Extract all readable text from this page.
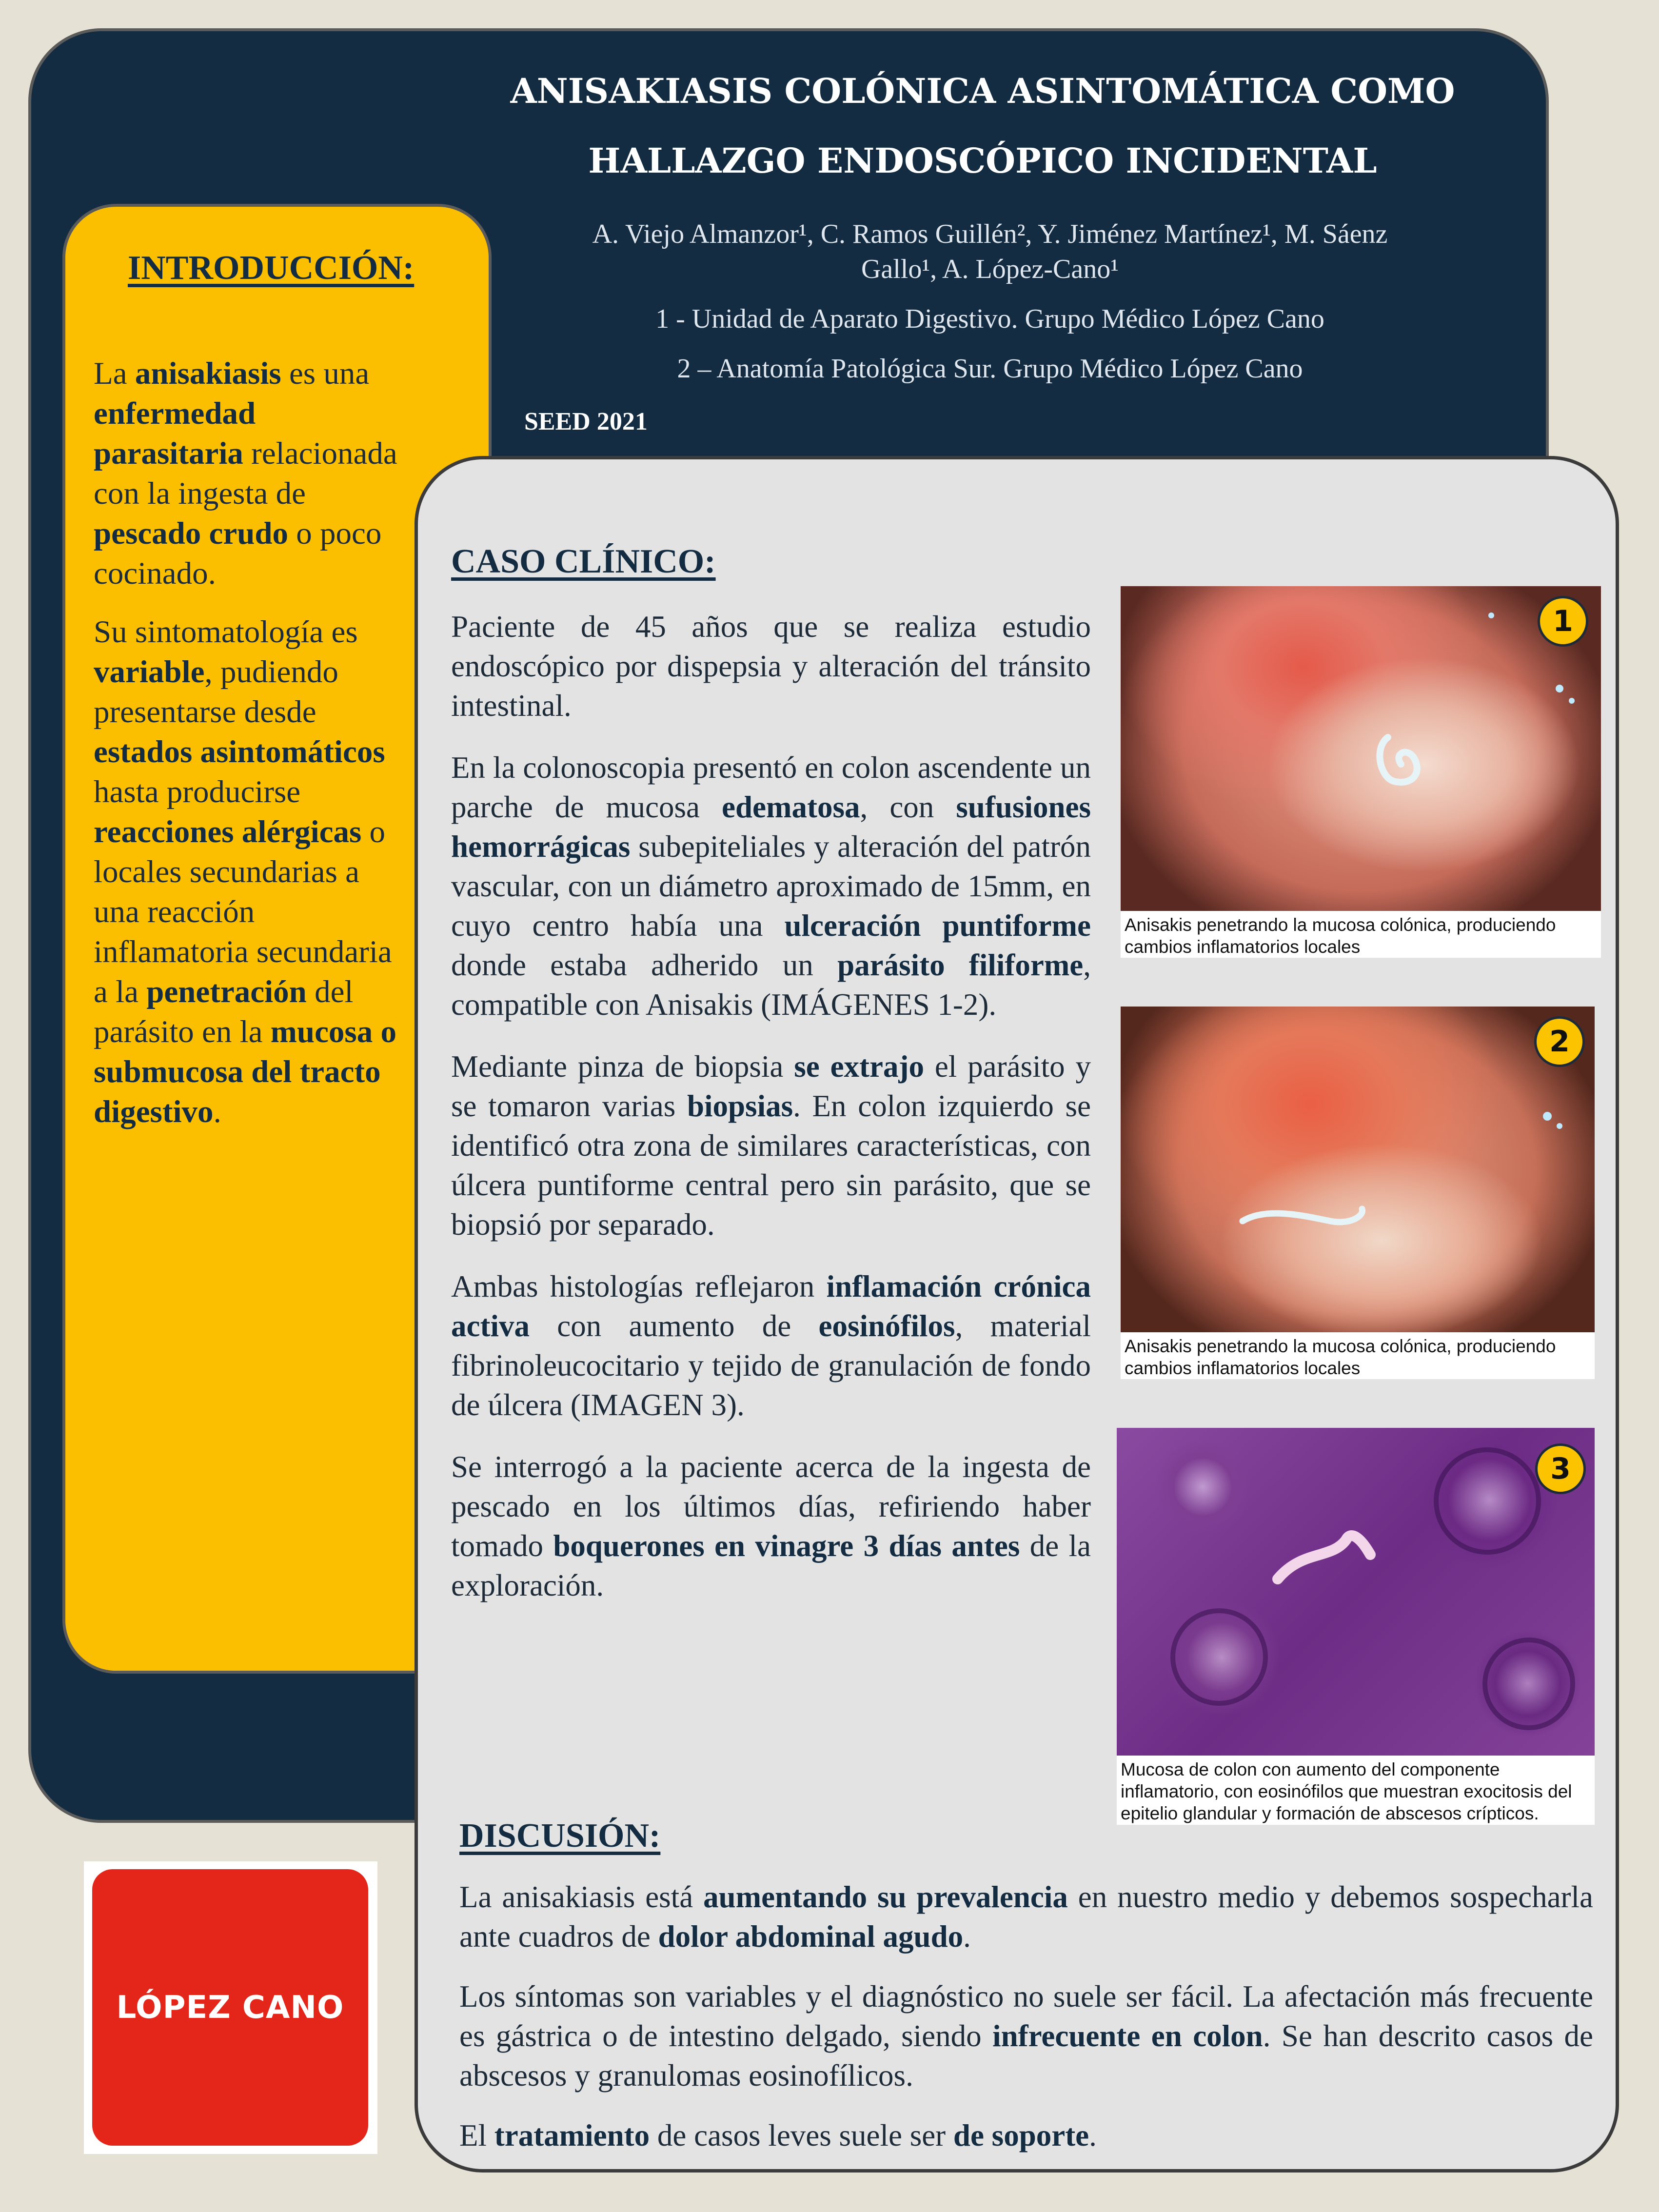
ANISAKIASIS COLÓNICA ASINTOMÁTICA COMO
HALLAZGO ENDOSCÓPICO INCIDENTAL
A. Viejo Almanzor¹, C. Ramos Guillén², Y. Jiménez Martínez¹, M. Sáenz
Gallo¹, A. López-Cano¹
1 - Unidad de Aparato Digestivo. Grupo Médico López Cano
2 – Anatomía Patológica Sur. Grupo Médico López Cano
SEED 2021
INTRODUCCIÓN:

La anisakiasis es una enfermedad parasitaria relacionada con la ingesta de pescado crudo o poco cocinado.

Su sintomatología es variable, pudiendo presentarse desde estados asintomáticos hasta producirse reacciones alérgicas o locales secundarias a una reacción inflamatoria secundaria a la penetración del parásito en la mucosa o submucosa del tracto digestivo.

CASO CLÍNICO:

Paciente de 45 años que se realiza estudio endoscópico por dispepsia y alteración del tránsito intestinal.

En la colonoscopia presentó en colon ascendente un parche de mucosa edematosa, con sufusiones hemorrágicas subepiteliales y alteración del patrón vascular, con un diámetro aproximado de 15mm, en cuyo centro había una ulceración puntiforme donde estaba adherido un parásito filiforme, compatible con Anisakis (IMÁGENES 1-2).

Mediante pinza de biopsia se extrajo el parásito y se tomaron varias biopsias. En colon izquierdo se identificó otra zona de similares características, con úlcera puntiforme central pero sin parásito, que se biopsió por separado.

Ambas histologías reflejaron inflamación crónica activa con aumento de eosinófilos, material fibrinoleucocitario y tejido de granulación de fondo de úlcera (IMAGEN 3).

Se interrogó a la paciente acerca de la ingesta de pescado en los últimos días, refiriendo haber tomado boquerones en vinagre 3 días antes de la exploración.

1
Anisakis penetrando la mucosa colónica, produciendo cambios inflamatorios locales
2
Anisakis penetrando la mucosa colónica, produciendo cambios inflamatorios locales
3
Mucosa de colon con aumento del componente inflamatorio, con eosinófilos que muestran exocitosis del epitelio glandular y formación de abscesos crípticos.
DISCUSIÓN:

La anisakiasis está aumentando su prevalencia en nuestro medio y debemos sospecharla ante cuadros de dolor abdominal agudo.

Los síntomas son variables y el diagnóstico no suele ser fácil. La afectación más frecuente es gástrica o de intestino delgado, siendo infrecuente en colon. Se han descrito casos de abscesos y granulomas eosinofílicos.

El tratamiento de casos leves suele ser de soporte.

LÓPEZ CANO
